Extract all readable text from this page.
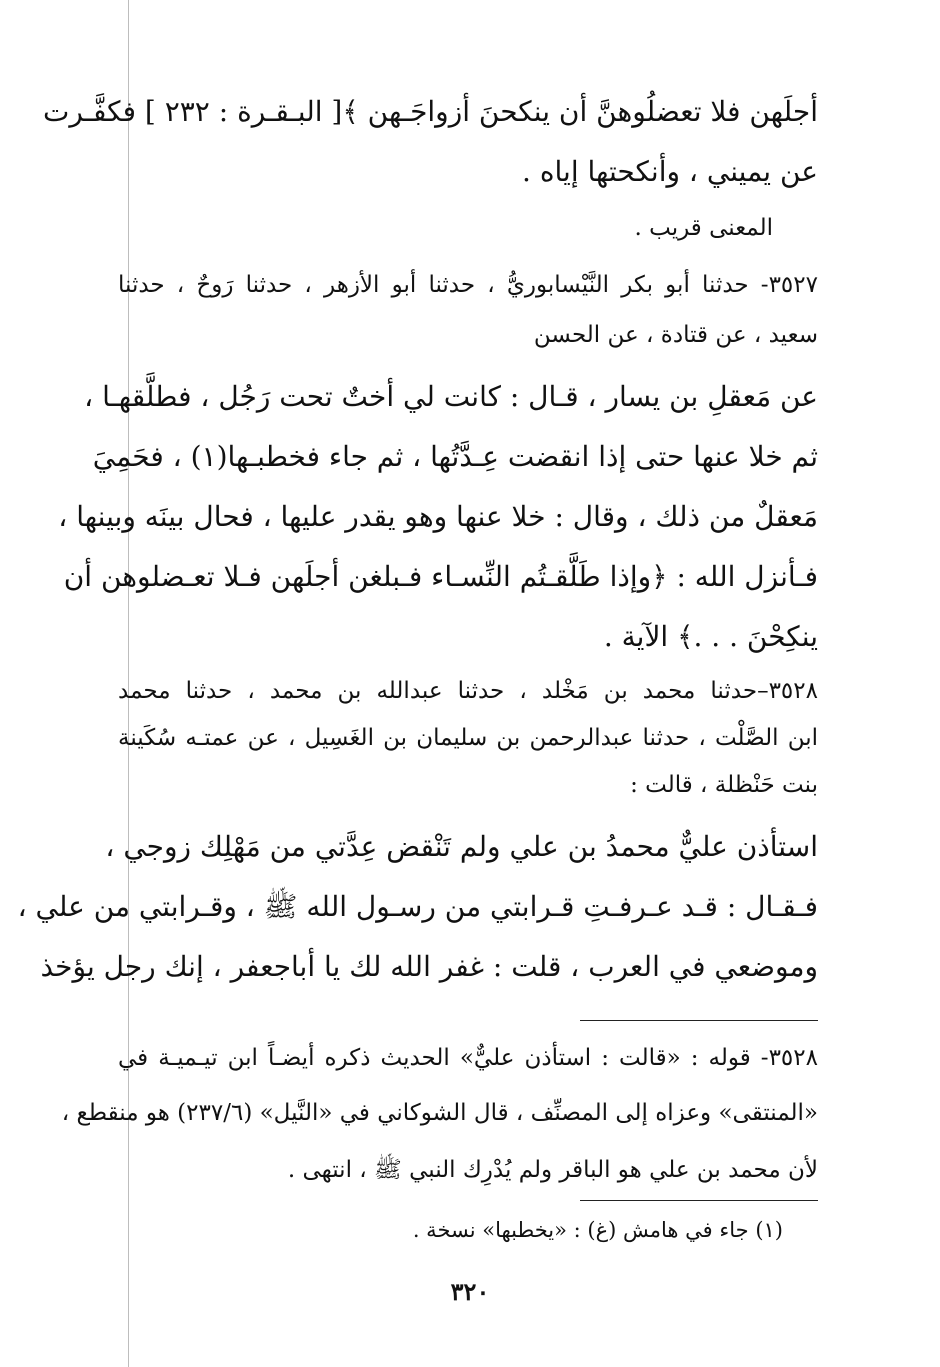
٣٢٠
أجلَهن فلا تعضلُوهنَّ أن ينكحنَ أزواجَـهن ﴾[ البـقـرة : ٢٣٢ ] فكفَّـرت
عن يميني ، وأنكحتها إياه .
المعنى قريب .
٣٥٢٧- حدثنا أبو بكر النَّيْسابوريُّ ، حدثنا أبو الأزهر ، حدثنا رَوحٌ ، حدثنا
سعيد ، عن قتادة ، عن الحسن
عن مَعقلِ بن يسار ، قـال : كانت لي أختٌ تحت رَجُل ، فطلَّقهـا ،
ثم خلا عنها حتى إذا انقضت عِـدَّتُها ، ثم جاء فخطبـها(١) ، فحَمِيَ
مَعقلٌ من ذلك ، وقال : خلا عنها وهو يقدر عليها ، فحال بينَه وبينها ،
فـأنزل الله : ﴿وإذا طَلَّقـتُم النِّسـاء فـبلغن أجلَهن فـلا تعـضلوهن أن
ينكِحْنَ . . .﴾ الآية .
٣٥٢٨–حدثنا محمد بن مَخْلد ، حدثنا عبدالله بن محمد ، حدثنا محمد
ابن الصَّلْت ، حدثنا عبدالرحمن بن سليمان بن الغَسِيل ، عن عمتـه سُكَينة
بنت حَنْظلة ، قالت :
استأذن عليٌّ محمدُ بن علي ولم تَنْقض عِدَّتي من مَهْلِك زوجي ،
فـقـال : قـد عـرفـتِ قـرابتي من رسـول الله ﷺ ، وقـرابتي من علي ،
وموضعي في العرب ، قلت : غفر الله لك يا أباجعفر ، إنك رجل يؤخذ
٣٥٢٨- قوله : «قالت : استأذن عليٌّ» الحديث ذكره أيضـاً ابن تيـميـة في
«المنتقى» وعزاه إلى المصنِّف ، قال الشوكاني في «النَّيل» (٢٣٧/٦) هو منقطع ،
لأن محمد بن علي هو الباقر ولم يُدْرِك النبي ﷺ ، انتهى .
(١) جاء في هامش (غ) : «يخطبها» نسخة .
